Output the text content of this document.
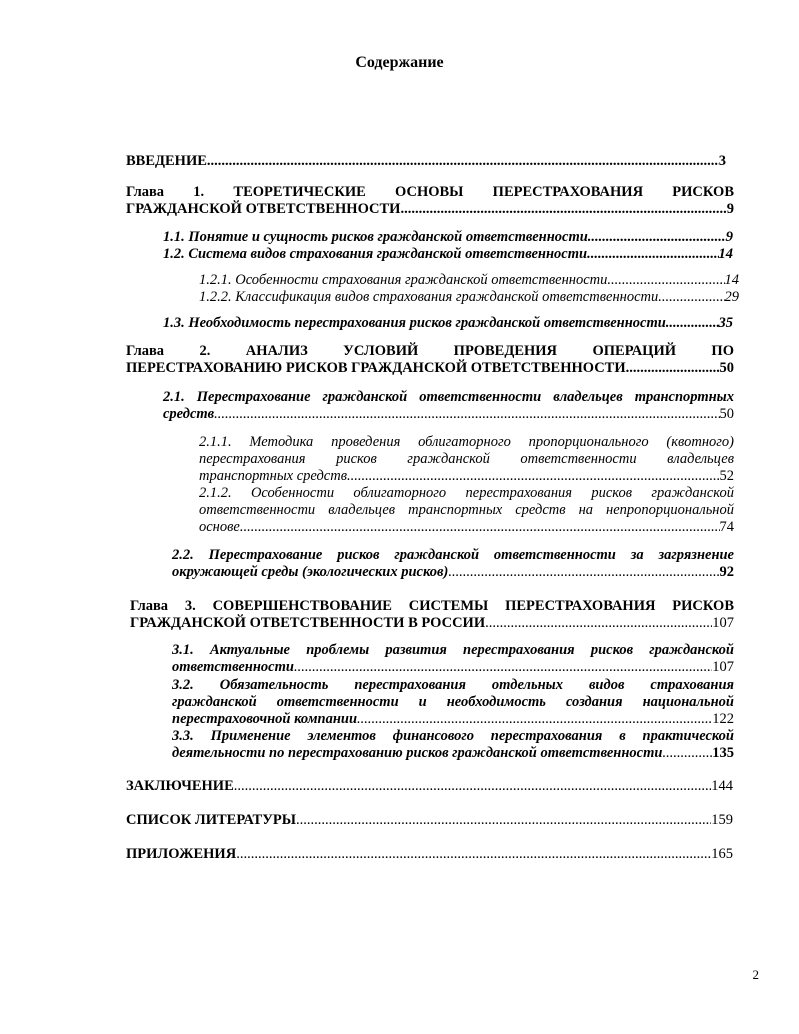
Содержание
ВВЕДЕНИЕ .....	3
Глава 1. ТЕОРЕТИЧЕСКИЕ ОСНОВЫ ПЕРЕСТРАХОВАНИЯ РИСКОВ
ГРАЖДАНСКОЙ ОТВЕТСТВЕННОСТИ .....	9
1.1. Понятие и сущность рисков гражданской ответственности .....	9
1.2. Система видов страхования гражданской ответственности .....	14
1.2.1. Особенности страхования гражданской ответственности .....	14
1.2.2. Классификация видов страхования гражданской ответственности .....	29
1.3. Необходимость перестрахования рисков гражданской ответственности .....	35
Глава 2. АНАЛИЗ УСЛОВИЙ ПРОВЕДЕНИЯ ОПЕРАЦИЙ ПО
ПЕРЕСТРАХОВАНИЮ РИСКОВ ГРАЖДАНСКОЙ ОТВЕТСТВЕННОСТИ .....	50
2.1. Перестрахование гражданской ответственности владельцев транспортных
средств .....	50
2.1.1. Методика проведения облигаторного пропорционального (квотного)
перестрахования рисков гражданской ответственности владельцев
транспортных средств .....	52
2.1.2. Особенности облигаторного перестрахования рисков гражданской
ответственности владельцев транспортных средств на непропорциональной
основе .....	74
2.2. Перестрахование рисков гражданской ответственности за загрязнение
окружающей среды (экологических рисков) .....	92
Глава 3. СОВЕРШЕНСТВОВАНИЕ СИСТЕМЫ ПЕРЕСТРАХОВАНИЯ РИСКОВ
ГРАЖДАНСКОЙ ОТВЕТСТВЕННОСТИ В РОССИИ .....	107
3.1. Актуальные проблемы развития перестрахования рисков гражданской
ответственности .....	107
3.2. Обязательность перестрахования отдельных видов страхования
гражданской ответственности и необходимость создания национальной
перестраховочной компании .....	122
3.3. Применение элементов финансового перестрахования в практической
деятельности по перестрахованию рисков гражданской ответственности .....	135
ЗАКЛЮЧЕНИЕ .....	144
СПИСОК ЛИТЕРАТУРЫ .....	159
ПРИЛОЖЕНИЯ .....	165
2
